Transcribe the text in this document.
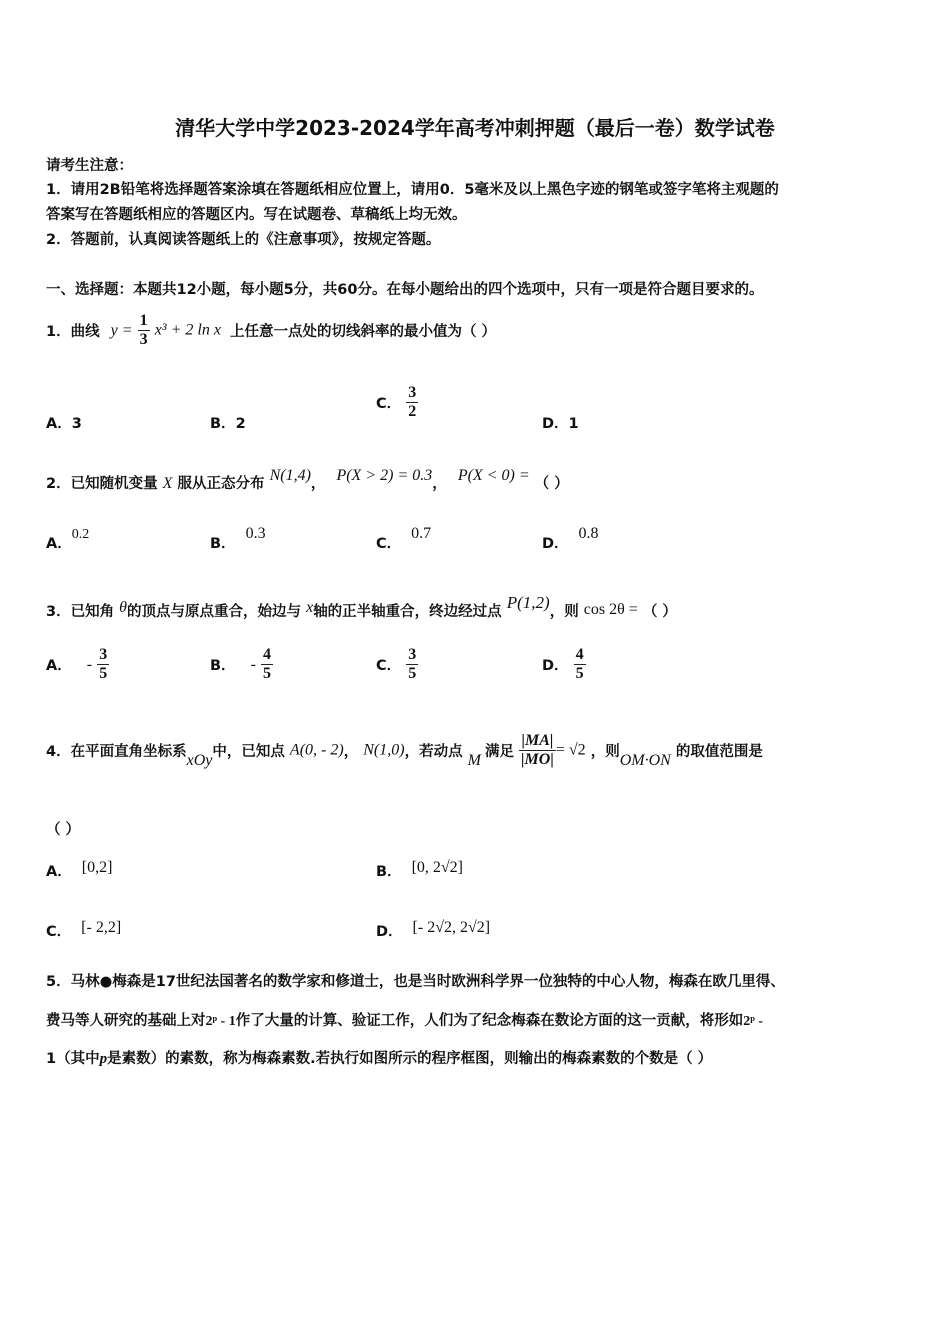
清华大学中学2023-2024学年高考冲刺押题（最后一卷）数学试卷
请考生注意：
1．请用2B铅笔将选择题答案涂填在答题纸相应位置上，请用0．5毫米及以上黑色字迹的钢笔或签字笔将主观题的
答案写在答题纸相应的答题区内。写在试题卷、草稿纸上均无效。
2．答题前，认真阅读答题纸上的《注意事项》，按规定答题。
一、选择题：本题共12小题，每小题5分，共60分。在每小题给出的四个选项中，只有一项是符合题目要求的。
1．曲线 $y = \frac{1}{3} x^3 + 2$ ln x 上任意一点处的切线斜率的最小值为（ ）
A．3	B．2
C． $\frac{3}{2}$
D．1
2．已知随机变量 X 服从正态分布 N(1,4)， P(X > 2) = 0.3， P(X < 0) = （ ）
A．0.2
B．0.3
C．0.7
D．0.8
3．已知角 θ的顶点与原点重合，始边与 x轴的正半轴重合，终边经过点 P(1,2)，则 cos 2θ = （ ）
A． - $\frac{3}{5}$	B． - $\frac{4}{5}$	C． $\frac{3}{5}$	D． $\frac{4}{5}$
4．在平面直角坐标系xOy中，已知点 A(0, - 2)， N(1,0)，若动点 M 满足 $\frac{|MA|}{|MO|} = √2$ ，则OM·ON 的取值范围是
（ ）
A． [0,2]	B． [0, 2√2]
C． [- 2,2]	D． [- 2√2, 2√2]
5．马林●梅森是17世纪法国著名的数学家和修道士，也是当时欧洲科学界一位独特的中心人物，梅森在欧几里得、
费马等人研究的基础上对2ᵖ - 1作了大量的计算、验证工作，人们为了纪念梅森在数论方面的这一贡献，将形如2ᵖ -
1（其中p是素数）的素数，称为梅森素数.若执行如图所示的程序框图，则输出的梅森素数的个数是（ ）
